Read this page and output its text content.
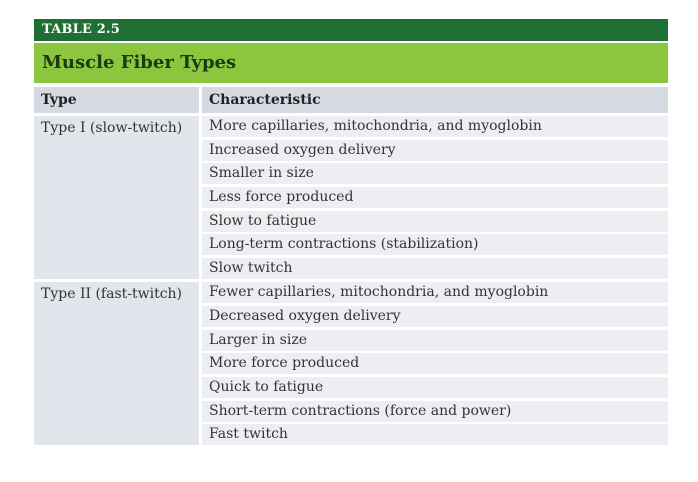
TABLE 2.5
Muscle Fiber Types
Type	Characteristic
Type I (slow-twitch)	More capillaries, mitochondria, and myoglobin
Increased oxygen delivery
Smaller in size
Less force produced
Slow to fatigue
Long-term contractions (stabilization)
Slow twitch
Type II (fast-twitch)	Fewer capillaries, mitochondria, and myoglobin
Decreased oxygen delivery
Larger in size
More force produced
Quick to fatigue
Short-term contractions (force and power)
Fast twitch
